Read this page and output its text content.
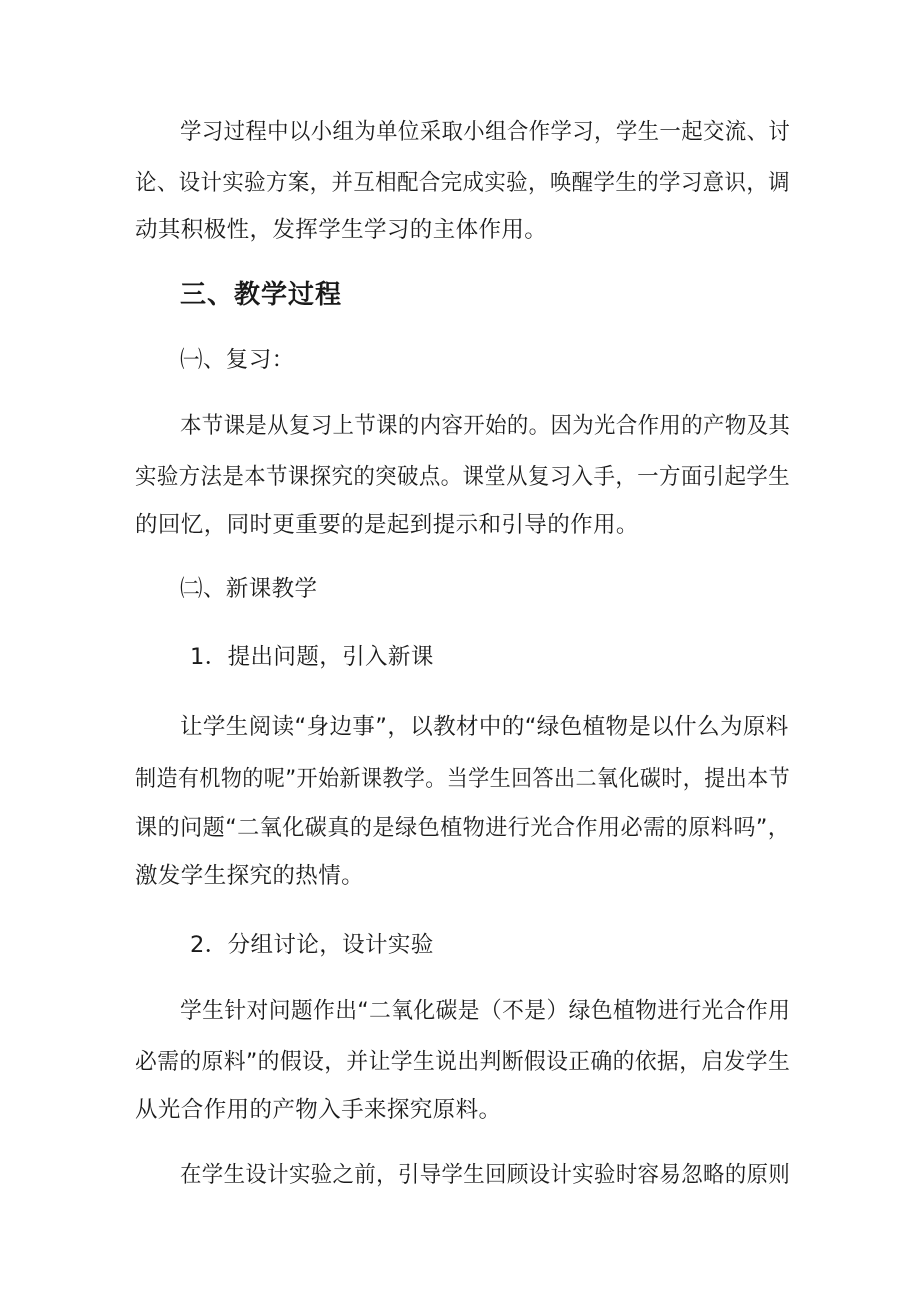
学习过程中以小组为单位采取小组合作学习，学生一起交流、讨
论、设计实验方案，并互相配合完成实验，唤醒学生的学习意识，调
动其积极性，发挥学生学习的主体作用。
三、教学过程
㈠、复习：
本节课是从复习上节课的内容开始的。因为光合作用的产物及其
实验方法是本节课探究的突破点。课堂从复习入手，一方面引起学生
的回忆，同时更重要的是起到提示和引导的作用。
㈡、新课教学
1．提出问题，引入新课
让学生阅读“身边事”，以教材中的“绿色植物是以什么为原料
制造有机物的呢”开始新课教学。当学生回答出二氧化碳时，提出本节
课的问题“二氧化碳真的是绿色植物进行光合作用必需的原料吗”，
激发学生探究的热情。
2．分组讨论，设计实验
学生针对问题作出“二氧化碳是（不是）绿色植物进行光合作用
必需的原料”的假设，并让学生说出判断假设正确的依据，启发学生
从光合作用的产物入手来探究原料。
在学生设计实验之前，引导学生回顾设计实验时容易忽略的原则
